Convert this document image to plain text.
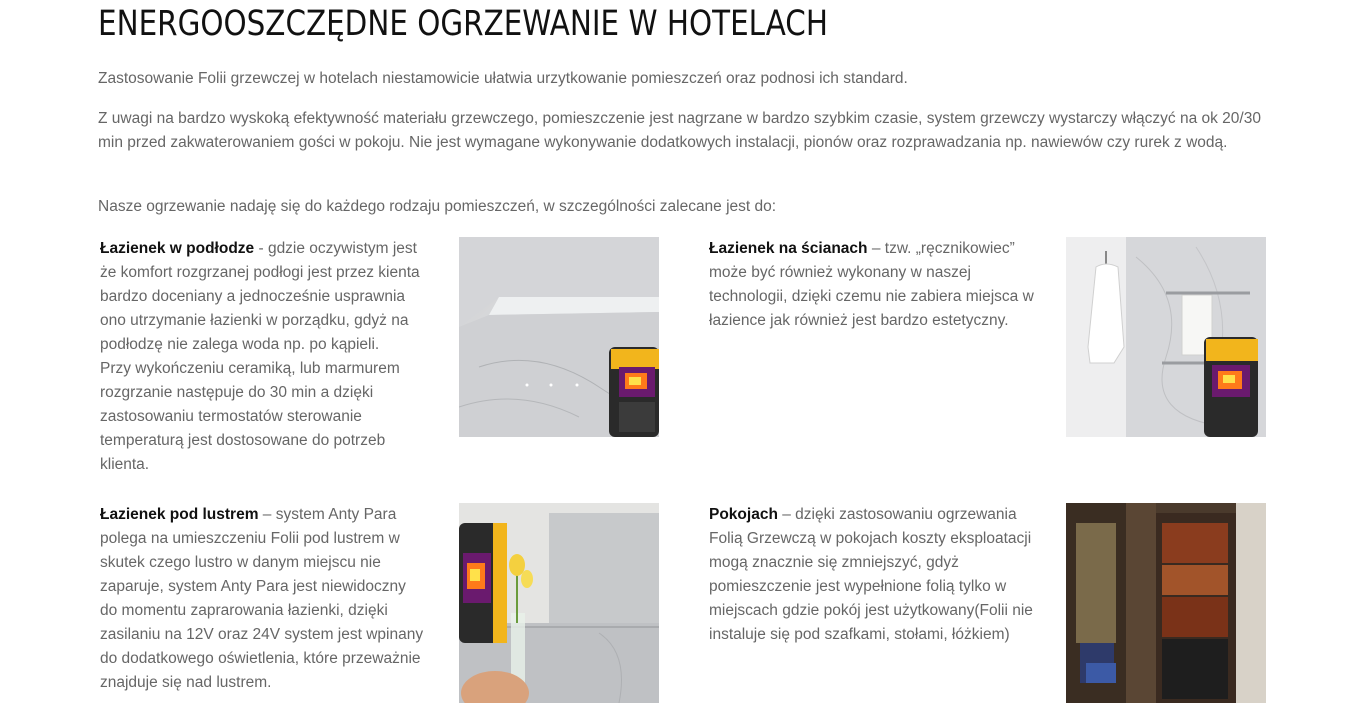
ENERGOOSZCZĘDNE OGRZEWANIE W HOTELACH

Zastosowanie Folii grzewczej w hotelach niestamowicie ułatwia urzytkowanie pomieszczeń oraz podnosi ich standard.

Z uwagi na bardzo wyskoką efektywność materiału grzewczego, pomieszczenie jest nagrzane w bardzo szybkim czasie, system grzewczy wystarczy włączyć na ok 20/30 min przed zakwaterowaniem gości w pokoju. Nie jest wymagane wykonywanie dodatkowych instalacji, pionów oraz rozprawadzania np. nawiewów czy rurek z wodą.

Nasze ogrzewanie nadaję się do każdego rodzaju pomieszczeń, w szczególności zalecane jest do:

Łazienek w podłodze - gdzie oczywistym jest że komfort rozgrzanej podłogi jest przez kienta bardzo doceniany a jednocześnie usprawnia ono utrzymanie łazienki w porządku, gdyż na podłodzę nie zalega woda np. po kąpieli.
Przy wykończeniu ceramiką, lub marmurem rozgrzanie następuje do 30 min a dzięki zastosowaniu termostatów sterowanie temperaturą jest dostosowane do potrzeb klienta.

Łazienek na ścianach – tzw. „ręcznikowiec” może być również wykonany w naszej technologii, dzięki czemu nie zabiera miejsca w łazience jak również jest bardzo estetyczny.

Łazienek pod lustrem – system Anty Para polega na umieszczeniu Folii pod lustrem w skutek czego lustro w danym miejscu nie zaparuje, system Anty Para jest niewidoczny do momentu zaprarowania łazienki, dzięki zasilaniu na 12V oraz 24V system jest wpinany do dodatkowego oświetlenia, które przeważnie znajduje się nad lustrem.

Pokojach – dzięki zastosowaniu ogrzewania Folią Grzewczą w pokojach koszty eksploatacji mogą znacznie się zmniejszyć, gdyż pomieszczenie jest wypełnione folią tylko w miejscach gdzie pokój jest użytkowany(Folii nie instaluje się pod szafkami, stołami, łóżkiem)
